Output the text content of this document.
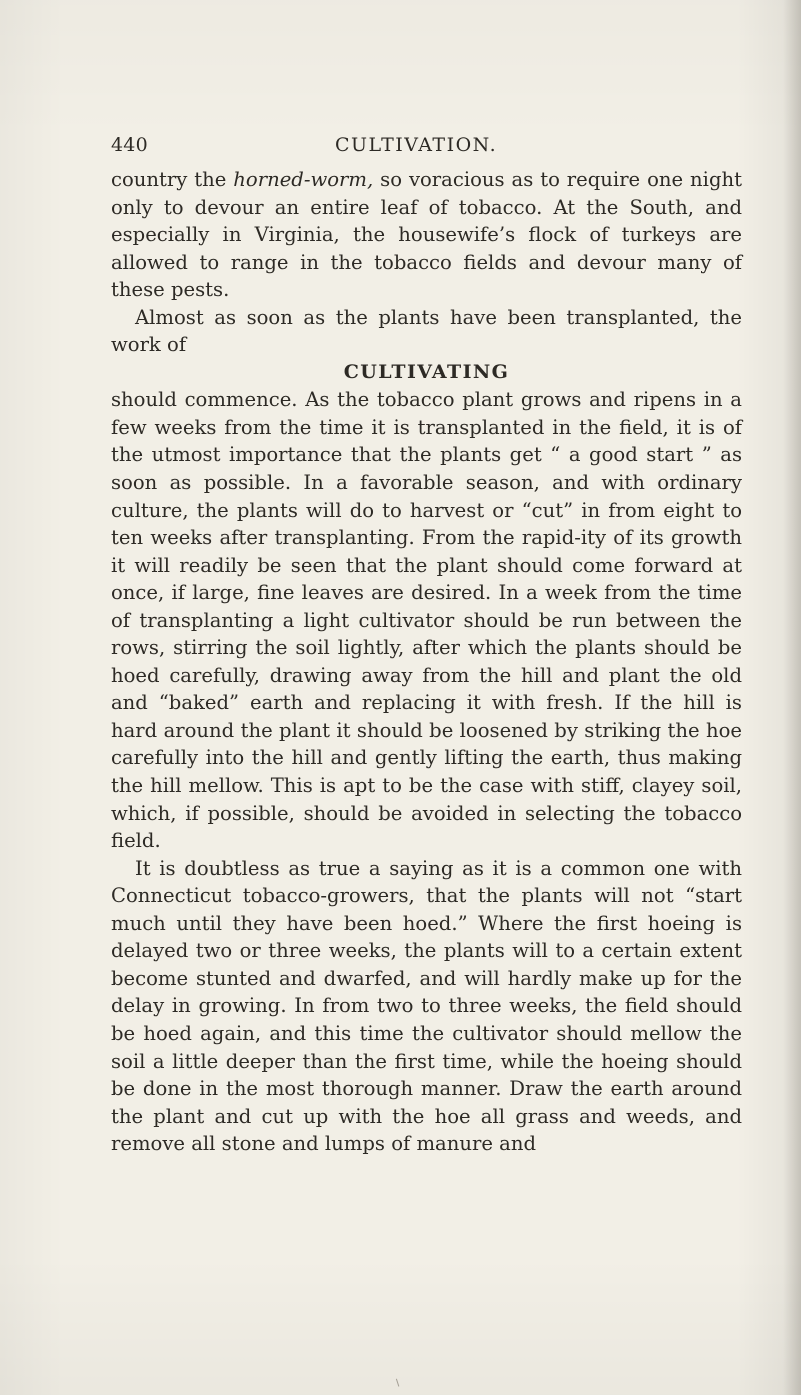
440	CULTIVATION.

country the horned-worm, so voracious as to require one night only to devour an entire leaf of tobacco. At the South, and especially in Virginia, the housewife’s flock of turkeys are allowed to range in the tobacco fields and devour many of these pests.

Almost as soon as the plants have been transplanted, the work of

CULTIVATING

should commence. As the tobacco plant grows and ripens in a few weeks from the time it is transplanted in the field, it is of the utmost importance that the plants get “ a good start ” as soon as possible. In a favorable season, and with ordinary culture, the plants will do to harvest or “cut” in from eight to ten weeks after transplanting. From the rapid-ity of its growth it will readily be seen that the plant should come forward at once, if large, fine leaves are desired. In a week from the time of transplanting a light cultivator should be run between the rows, stirring the soil lightly, after which the plants should be hoed carefully, drawing away from the hill and plant the old and “baked” earth and replacing it with fresh. If the hill is hard around the plant it should be loosened by striking the hoe carefully into the hill and gently lifting the earth, thus making the hill mellow. This is apt to be the case with stiff, clayey soil, which, if possible, should be avoided in selecting the tobacco field.

It is doubtless as true a saying as it is a common one with Connecticut tobacco-growers, that the plants will not “start much until they have been hoed.” Where the first hoeing is delayed two or three weeks, the plants will to a certain extent become stunted and dwarfed, and will hardly make up for the delay in growing. In from two to three weeks, the field should be hoed again, and this time the cultivator should mellow the soil a little deeper than the first time, while the hoeing should be done in the most thorough manner. Draw the earth around the plant and cut up with the hoe all grass and weeds, and remove all stone and lumps of manure and
